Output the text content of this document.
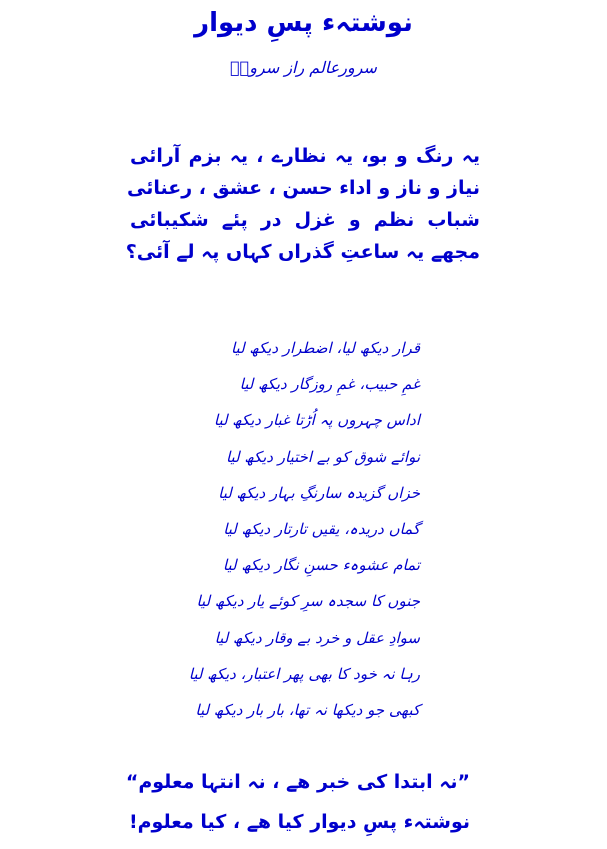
نوشتہء پسِ دیوار
سرورعالم راز سرورؔ
یہ رنگ و بو، یہ نظارے ، یہ بزم آرائی
نیاز و ناز و اداء حسن ، عشق ، رعنائی
شباب نظم و غزل در پئے شکیبائی
مجھے یہ ساعتِ گذراں کہاں پہ لے آئی؟
قرار دیکھ لیا، اضطرار دیکھ لیا
غمِ حبیب، غمِ روزگار دیکھ لیا
اداس چہروں پہ اُڑتا غبار دیکھ لیا
نوائے شوق کو بے اختیار دیکھ لیا
خزاں گزیدہ سارنگِ بہار دیکھ لیا
گماں دریدہ، یقیں تارتار دیکھ لیا
تمام عشوہء حسنِ نگار دیکھ لیا
جنوں کا سجدہ سرِ کوئے یار دیکھ لیا
سوادِ عقل و خرد بے وقار دیکھ لیا
رہا نہ خود کا بھی پھر اعتبار، دیکھ لیا
کبھی جو دیکھا نہ تھا، بار بار دیکھ لیا
”نہ ابتدا کی خبر ھے ، نہ انتہا معلوم“
نوشتہء پسِ دیوار کیا ھے ، کیا معلوم!
